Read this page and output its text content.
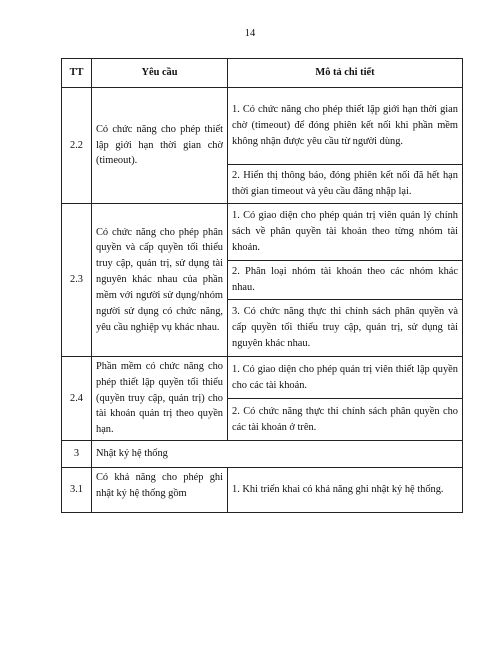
14
TT	Yêu cầu	Mô tả chi tiết
2.2	Có chức năng cho phép thiết lập giới hạn thời gian chờ (timeout).	1. Có chức năng cho phép thiết lập giới hạn thời gian chờ (timeout) để đóng phiên kết nối khi phần mềm không nhận được yêu cầu từ người dùng.
		2. Hiển thị thông báo, đóng phiên kết nối đã hết hạn thời gian timeout và yêu cầu đăng nhập lại.
2.3	Có chức năng cho phép phân quyền và cấp quyền tối thiểu truy cập, quản trị, sử dụng tài nguyên khác nhau của phần mềm với người sử dụng/nhóm người sử dụng có chức năng, yêu cầu nghiệp vụ khác nhau.	1. Có giao diện cho phép quản trị viên quản lý chính sách về phân quyền tài khoản theo từng nhóm tài khoản.
		2. Phân loại nhóm tài khoản theo các nhóm khác nhau.
		3. Có chức năng thực thi chính sách phân quyền và cấp quyền tối thiểu truy cập, quản trị, sử dụng tài nguyên khác nhau.
2.4	Phần mềm có chức năng cho phép thiết lập quyền tối thiểu (quyền truy cập, quản trị) cho tài khoản quản trị theo quyền hạn.	1. Có giao diện cho phép quản trị viên thiết lập quyền cho các tài khoản.
		2. Có chức năng thực thi chính sách phân quyền cho các tài khoản ở trên.
3	Nhật ký hệ thống	
3.1	Có khả năng cho phép ghi nhật ký hệ thống gồm	1. Khi triển khai có khả năng ghi nhật ký hệ thống.
